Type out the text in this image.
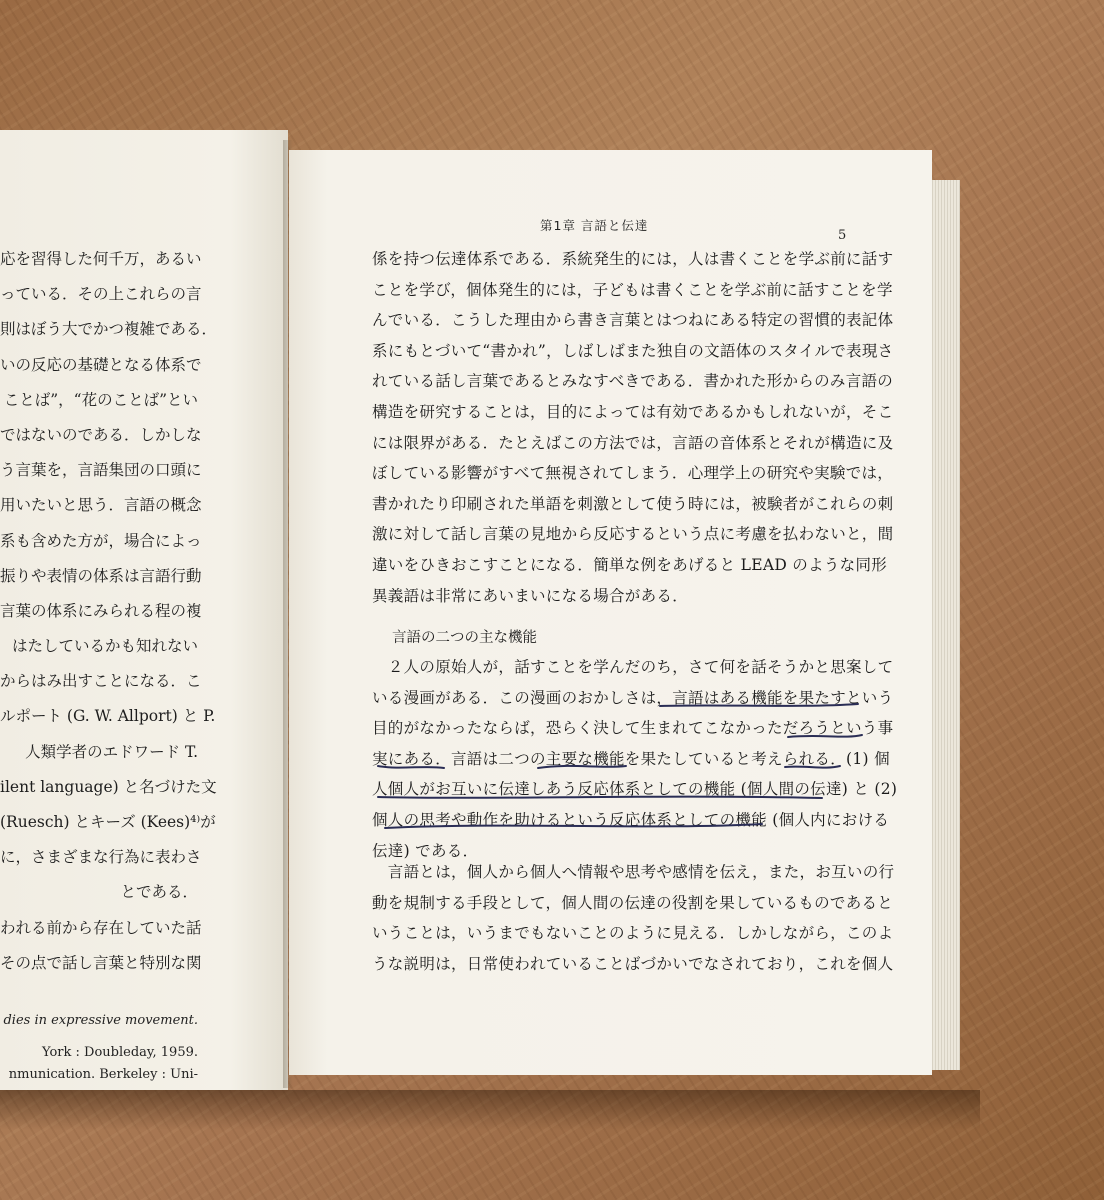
応を習得した何千万，あるい
っている．その上これらの言
則はぼう大でかつ複雑である．
いの反応の基礎となる体系で
ことば”，“花のことば”とい
ではないのである．しかしな
う言葉を，言語集団の口頭に
用いたいと思う．言語の概念
系も含めた方が，場合によっ
振りや表情の体系は言語行動
言葉の体系にみられる程の複
はたしているかも知れない
からはみ出すことになる．こ
ルポート (G. W. Allport) と P.
人類学者のエドワード T.
ilent language) と名づけた文
(Ruesch) とキーズ (Kees)⁴⁾が
に，さまざまな行為に表わさ
とである．
われる前から存在していた話
その点で話し言葉と特別な関
dies in expressive movement.
York : Doubleday, 1959.
nmunication. Berkeley : Uni-
第1章 言語と伝達
5
係を持つ伝達体系である．系統発生的には，人は書くことを学ぶ前に話す
ことを学び，個体発生的には，子どもは書くことを学ぶ前に話すことを学
んでいる．こうした理由から書き言葉とはつねにある特定の習慣的表記体
系にもとづいて“書かれ”，しばしばまた独自の文語体のスタイルで表現さ
れている話し言葉であるとみなすべきである．書かれた形からのみ言語の
構造を研究することは，目的によっては有効であるかもしれないが，そこ
には限界がある．たとえばこの方法では，言語の音体系とそれが構造に及
ぼしている影響がすべて無視されてしまう．心理学上の研究や実験では，
書かれたり印刷された単語を刺激として使う時には，被験者がこれらの刺
激に対して話し言葉の見地から反応するという点に考慮を払わないと，間
違いをひきおこすことになる．簡単な例をあげると LEAD のような同形
異義語は非常にあいまいになる場合がある．
言語の二つの主な機能
　２人の原始人が，話すことを学んだのち，さて何を話そうかと思案して
いる漫画がある．この漫画のおかしさは，言語はある機能を果たすという
目的がなかったならば，恐らく決して生まれてこなかっただろうという事
実にある．言語は二つの主要な機能を果たしていると考えられる．(1) 個
人個人がお互いに伝達しあう反応体系としての機能 (個人間の伝達) と (2)
個人の思考や動作を助けるという反応体系としての機能 (個人内における
伝達) である．
　言語とは，個人から個人へ情報や思考や感情を伝え，また，お互いの行
動を規制する手段として，個人間の伝達の役割を果しているものであると
いうことは，いうまでもないことのように見える．しかしながら，このよ
うな説明は，日常使われていることばづかいでなされており，これを個人
